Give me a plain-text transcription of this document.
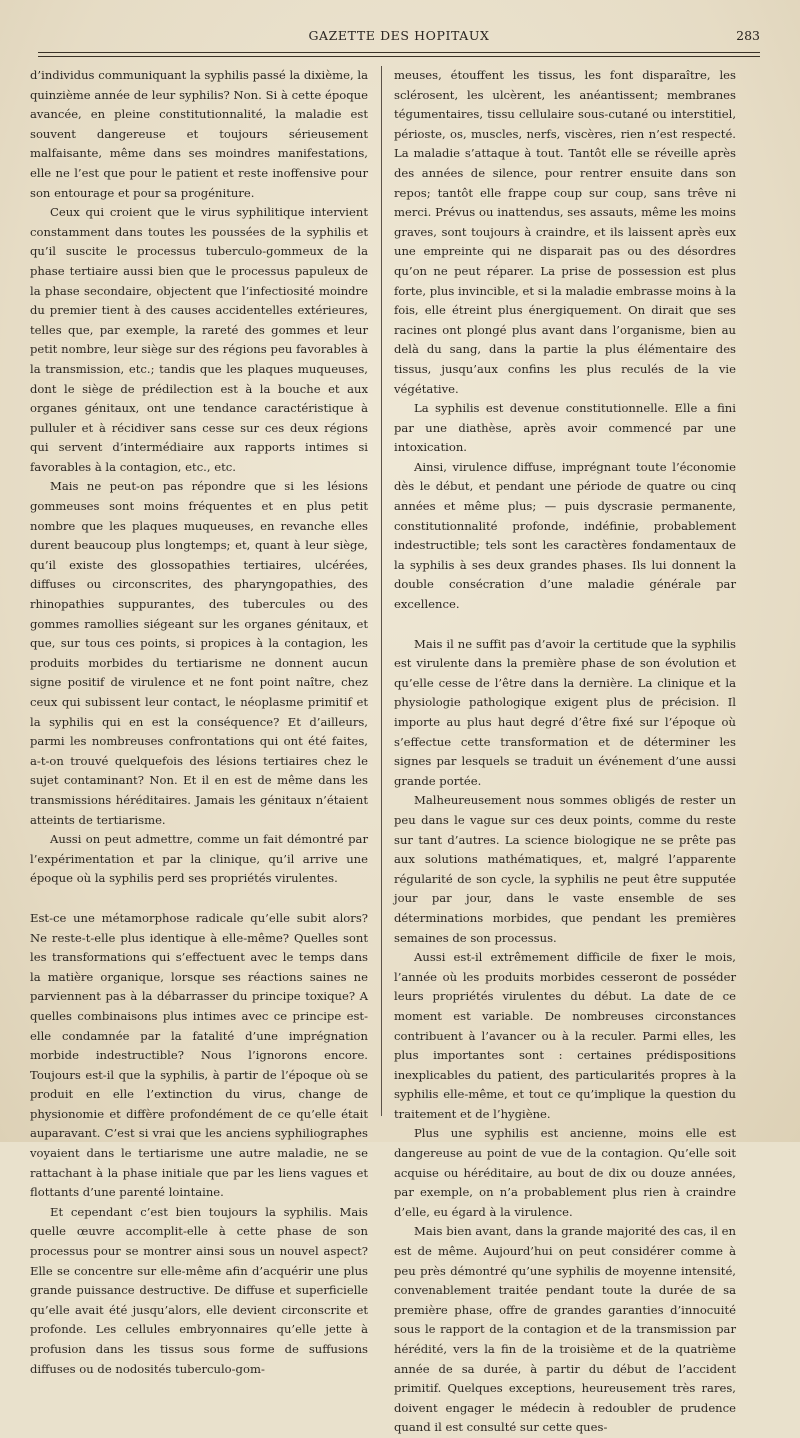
GAZETTE DES HOPITAUX	283

d’individus communiquant la syphilis passé la dixième, la quinzième année de leur syphilis? Non. Si à cette époque avancée, en pleine constitutionnalité, la maladie est souvent dangereuse et toujours sérieusement malfaisante, même dans ses moindres manifestations, elle ne l’est que pour le patient et reste inoffensive pour son entourage et pour sa progéniture.

Ceux qui croient que le virus syphilitique intervient constamment dans toutes les poussées de la syphilis et qu’il suscite le processus tuberculo-gommeux de la phase tertiaire aussi bien que le processus papuleux de la phase secondaire, objectent que l’infectiosité moindre du premier tient à des causes accidentelles extérieures, telles que, par exemple, la rareté des gommes et leur petit nombre, leur siège sur des régions peu favorables à la transmission, etc.; tandis que les plaques muqueuses, dont le siège de prédilection est à la bouche et aux organes génitaux, ont une tendance caractéristique à pulluler et à récidiver sans cesse sur ces deux régions qui servent d’intermédiaire aux rapports intimes si favorables à la contagion, etc., etc.

Mais ne peut-on pas répondre que si les lésions gommeuses sont moins fréquentes et en plus petit nombre que les plaques muqueuses, en revanche elles durent beaucoup plus longtemps; et, quant à leur siège, qu’il existe des glossopathies tertiaires, ulcérées, diffuses ou circonscrites, des pharyngopathies, des rhinopathies suppurantes, des tubercules ou des gommes ramollies siégeant sur les organes génitaux, et que, sur tous ces points, si propices à la contagion, les produits morbides du tertiarisme ne donnent aucun signe positif de virulence et ne font point naître, chez ceux qui subissent leur contact, le néoplasme primitif et la syphilis qui en est la conséquence? Et d’ailleurs, parmi les nombreuses confrontations qui ont été faites, a-t-on trouvé quelquefois des lésions tertiaires chez le sujet contaminant? Non. Et il en est de même dans les transmissions héréditaires. Jamais les génitaux n’étaient atteints de tertiarisme.

Aussi on peut admettre, comme un fait démontré par l’expérimentation et par la clinique, qu’il arrive une époque où la syphilis perd ses propriétés virulentes.

Est-ce une métamorphose radicale qu’elle subit alors? Ne reste-t-elle plus identique à elle-même? Quelles sont les transformations qui s’effectuent avec le temps dans la matière organique, lorsque ses réactions saines ne parviennent pas à la débarrasser du principe toxique? A quelles combinaisons plus intimes avec ce principe est-elle condamnée par la fatalité d’une imprégnation morbide indestructible? Nous l’ignorons encore. Toujours est-il que la syphilis, à partir de l’époque où se produit en elle l’extinction du virus, change de physionomie et diffère profondément de ce qu’elle était auparavant. C’est si vrai que les anciens syphiliographes voyaient dans le tertiarisme une autre maladie, ne se rattachant à la phase initiale que par les liens vagues et flottants d’une parenté lointaine.

Et cependant c’est bien toujours la syphilis. Mais quelle œuvre accomplit-elle à cette phase de son processus pour se montrer ainsi sous un nouvel aspect? Elle se concentre sur elle-même afin d’acquérir une plus grande puissance destructive. De diffuse et superficielle qu’elle avait été jusqu’alors, elle devient circonscrite et profonde. Les cellules embryonnaires qu’elle jette à profusion dans les tissus sous forme de suffusions diffuses ou de nodosités tuberculo-gom-

meuses, étouffent les tissus, les font disparaître, les sclérosent, les ulcèrent, les anéantissent; membranes tégumentaires, tissu cellulaire sous-cutané ou interstitiel, périoste, os, muscles, nerfs, viscères, rien n’est respecté. La maladie s’attaque à tout. Tantôt elle se réveille après des années de silence, pour rentrer ensuite dans son repos; tantôt elle frappe coup sur coup, sans trêve ni merci. Prévus ou inattendus, ses assauts, même les moins graves, sont toujours à craindre, et ils laissent après eux une empreinte qui ne disparait pas ou des désordres qu’on ne peut réparer. La prise de possession est plus forte, plus invincible, et si la maladie embrasse moins à la fois, elle étreint plus énergiquement. On dirait que ses racines ont plongé plus avant dans l’organisme, bien au delà du sang, dans la partie la plus élémentaire des tissus, jusqu’aux confins les plus reculés de la vie végétative.

La syphilis est devenue constitutionnelle. Elle a fini par une diathèse, après avoir commencé par une intoxication.

Ainsi, virulence diffuse, imprégnant toute l’économie dès le début, et pendant une période de quatre ou cinq années et même plus; — puis dyscrasie permanente, constitutionnalité profonde, indéfinie, probablement indestructible; tels sont les caractères fondamentaux de la syphilis à ses deux grandes phases. Ils lui donnent la double consécration d’une maladie générale par excellence.

Mais il ne suffit pas d’avoir la certitude que la syphilis est virulente dans la première phase de son évolution et qu’elle cesse de l’être dans la dernière. La clinique et la physiologie pathologique exigent plus de précision. Il importe au plus haut degré d’être fixé sur l’époque où s’effectue cette transformation et de déterminer les signes par lesquels se traduit un événement d’une aussi grande portée.

Malheureusement nous sommes obligés de rester un peu dans le vague sur ces deux points, comme du reste sur tant d’autres. La science biologique ne se prête pas aux solutions mathématiques, et, malgré l’apparente régularité de son cycle, la syphilis ne peut être supputée jour par jour, dans le vaste ensemble de ses déterminations morbides, que pendant les premières semaines de son processus.

Aussi est-il extrêmement difficile de fixer le mois, l’année où les produits morbides cesseront de posséder leurs propriétés virulentes du début. La date de ce moment est variable. De nombreuses circonstances contribuent à l’avancer ou à la reculer. Parmi elles, les plus importantes sont : certaines prédispositions inexplicables du patient, des particularités propres à la syphilis elle-même, et tout ce qu’implique la question du traitement et de l’hygiène.

Plus une syphilis est ancienne, moins elle est dangereuse au point de vue de la contagion. Qu’elle soit acquise ou héréditaire, au bout de dix ou douze années, par exemple, on n’a probablement plus rien à craindre d’elle, eu égard à la virulence.

Mais bien avant, dans la grande majorité des cas, il en est de même. Aujourd’hui on peut considérer comme à peu près démontré qu’une syphilis de moyenne intensité, convenablement traitée pendant toute la durée de sa première phase, offre de grandes garanties d’innocuité sous le rapport de la contagion et de la transmission par hérédité, vers la fin de la troisième et de la quatrième année de sa durée, à partir du début de l’accident primitif. Quelques exceptions, heureusement très rares, doivent engager le médecin à redoubler de prudence quand il est consulté sur cette ques-
